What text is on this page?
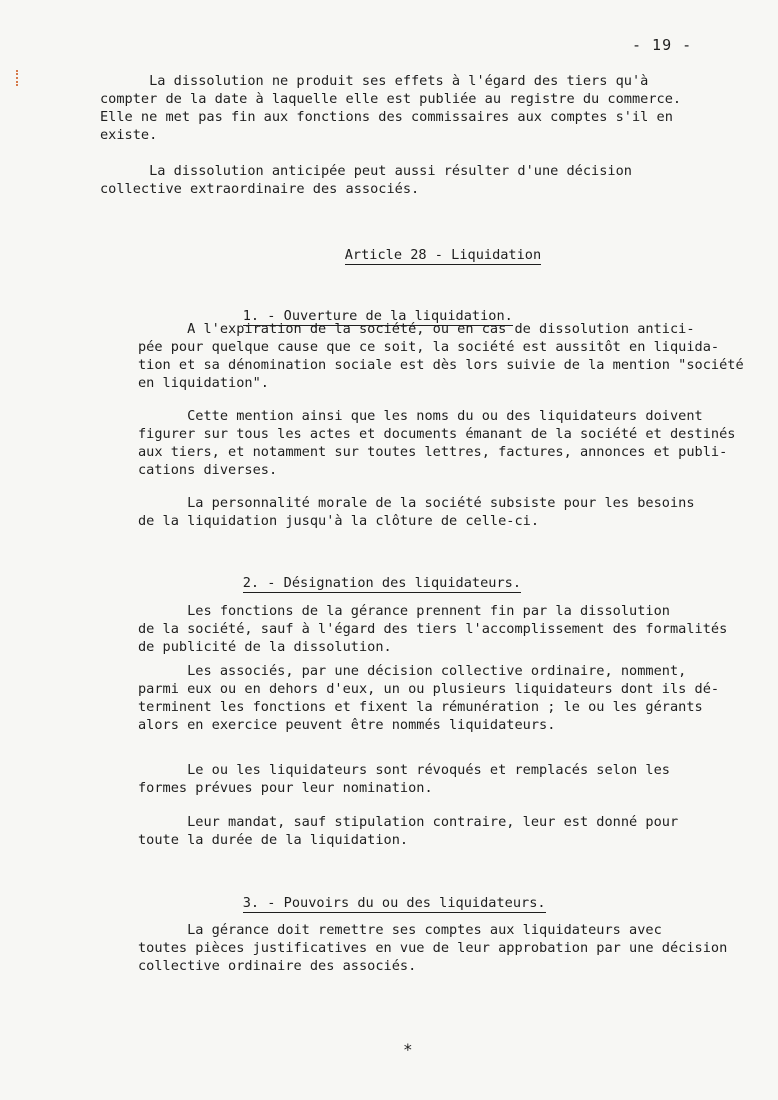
- 19 -

La dissolution ne produit ses effets à l'égard des tiers qu'à
compter de la date à laquelle elle est publiée au registre du commerce.
Elle ne met pas fin aux fonctions des commissaires aux comptes s'il en
existe.

La dissolution anticipée peut aussi résulter d'une décision
collective extraordinaire des associés.

Article 28 - Liquidation

1. - Ouverture de la liquidation.

A l'expiration de la société, ou en cas de dissolution antici-
pée pour quelque cause que ce soit, la société est aussitôt en liquida-
tion et sa dénomination sociale est dès lors suivie de la mention "société
en liquidation".

Cette mention ainsi que les noms du ou des liquidateurs doivent
figurer sur tous les actes et documents émanant de la société et destinés
aux tiers, et notamment sur toutes lettres, factures, annonces et publi-
cations diverses.

La personnalité morale de la société subsiste pour les besoins
de la liquidation jusqu'à la clôture de celle-ci.

2. - Désignation des liquidateurs.

Les fonctions de la gérance prennent fin par la dissolution
de la société, sauf à l'égard des tiers l'accomplissement des formalités
de publicité de la dissolution.

Les associés, par une décision collective ordinaire, nomment,
parmi eux ou en dehors d'eux, un ou plusieurs liquidateurs dont ils dé-
terminent les fonctions et fixent la rémunération ; le ou les gérants
alors en exercice peuvent être nommés liquidateurs.

Le ou les liquidateurs sont révoqués et remplacés selon les
formes prévues pour leur nomination.

Leur mandat, sauf stipulation contraire, leur est donné pour
toute la durée de la liquidation.

3. - Pouvoirs du ou des liquidateurs.

La gérance doit remettre ses comptes aux liquidateurs avec
toutes pièces justificatives en vue de leur approbation par une décision
collective ordinaire des associés.

*
